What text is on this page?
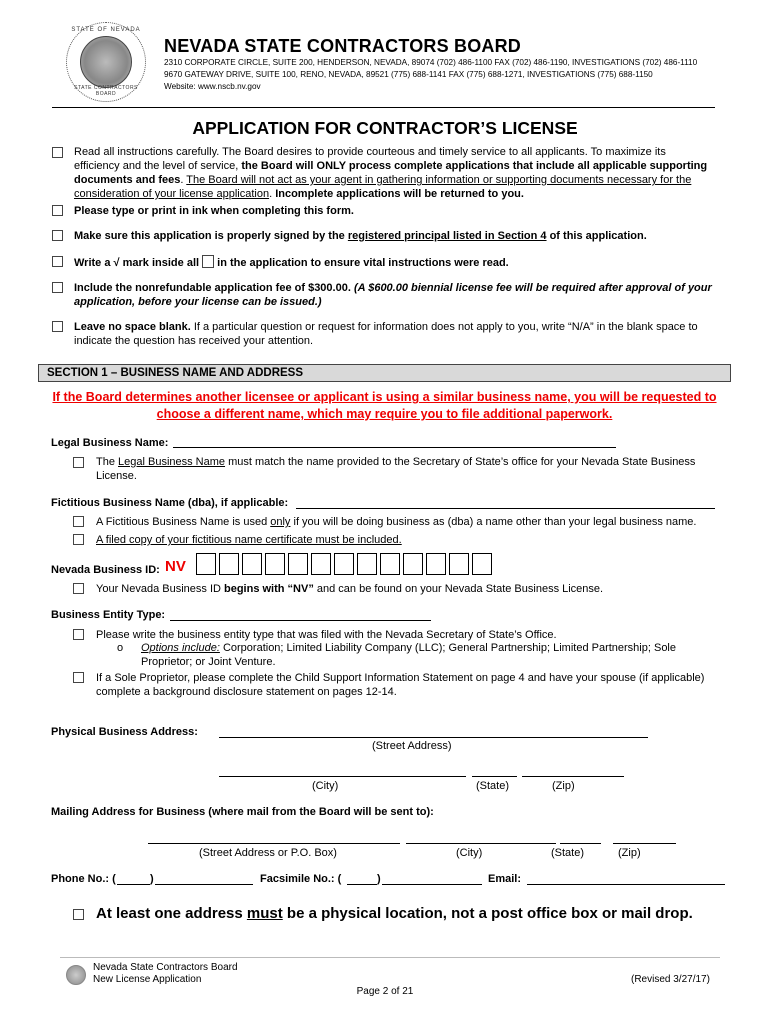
STATE OF NEVADA
STATE CONTRACTORS BOARD
NEVADA STATE CONTRACTORS BOARD
2310 CORPORATE CIRCLE, SUITE 200, HENDERSON, NEVADA, 89074 (702) 486-1100 FAX (702) 486-1190, INVESTIGATIONS (702) 486-1110
9670 GATEWAY DRIVE, SUITE 100, RENO, NEVADA, 89521 (775) 688-1141 FAX (775) 688-1271, INVESTIGATIONS (775) 688-1150
Website: www.nscb.nv.gov
APPLICATION FOR CONTRACTOR’S LICENSE
Read all instructions carefully. The Board desires to provide courteous and timely service to all applicants. To maximize its efficiency and the level of service, the Board will ONLY process complete applications that include all applicable supporting documents and fees. The Board will not act as your agent in gathering information or supporting documents necessary for the consideration of your license application. Incomplete applications will be returned to you.
Please type or print in ink when completing this form.
Make sure this application is properly signed by the registered principal listed in Section 4 of this application.
Write a √ mark inside all  in the application to ensure vital instructions were read.
Include the nonrefundable application fee of $300.00. (A $600.00 biennial license fee will be required after approval of your application, before your license can be issued.)
Leave no space blank. If a particular question or request for information does not apply to you, write “N/A” in the blank space to indicate the question has received your attention.
SECTION 1 – BUSINESS NAME AND ADDRESS
If the Board determines another licensee or applicant is using a similar business name, you will be requested to
choose a different name, which may require you to file additional paperwork.
Legal Business Name:
The Legal Business Name must match the name provided to the Secretary of State’s office for your Nevada State Business License.
Fictitious Business Name (dba), if applicable:
A Fictitious Business Name is used only if you will be doing business as (dba) a name other than your legal business name.
A filed copy of your fictitious name certificate must be included.
Nevada Business ID: NV
Your Nevada Business ID begins with “NV” and can be found on your Nevada State Business License.
Business Entity Type:
Please write the business entity type that was filed with the Nevada Secretary of State’s Office.
o Options include: Corporation; Limited Liability Company (LLC); General Partnership; Limited Partnership; Sole Proprietor; or Joint Venture.
If a Sole Proprietor, please complete the Child Support Information Statement on page 4 and have your spouse (if applicable) complete a background disclosure statement on pages 12-14.
Physical Business Address:
(Street Address)
(City)	(State)	(Zip)
Mailing Address for Business (where mail from the Board will be sent to):
(Street Address or P.O. Box)	(City)	(State)	(Zip)
Phone No.: (	)	Facsimile No.: (	)	Email:
At least one address must be a physical location, not a post office box or mail drop.
Nevada State Contractors Board
New License Application	(Revised 3/27/17)
Page 2 of 21
